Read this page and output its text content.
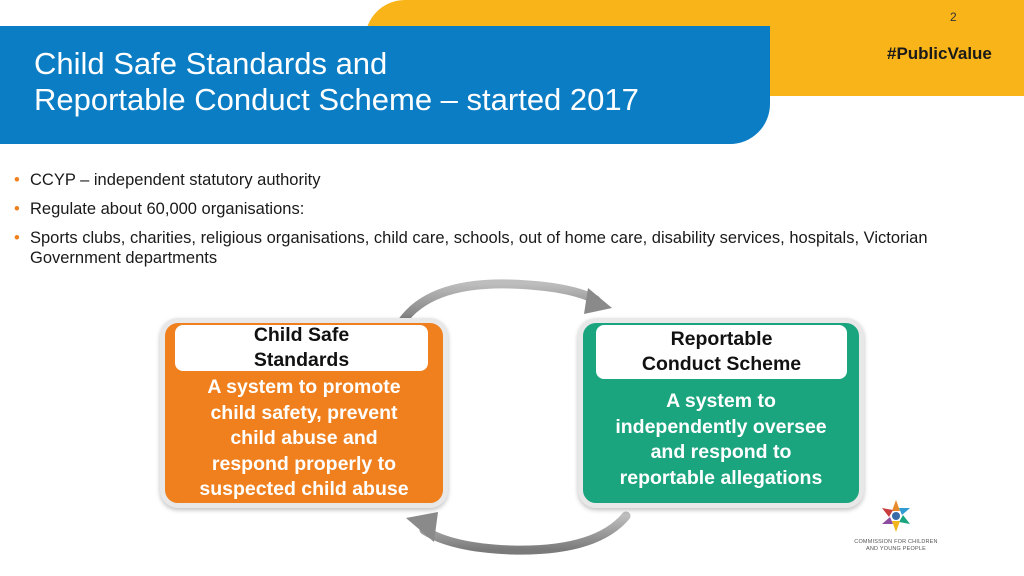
Child Safe Standards and
Reportable Conduct Scheme – started 2017
2
#PublicValue
• CCYP – independent statutory authority
• Regulate about 60,000 organisations:
• Sports clubs, charities, religious organisations, child care, schools, out of home care, disability services, hospitals, Victorian Government departments
Child Safe
Standards
A system to promote
child safety, prevent
child abuse and
respond properly to
suspected child abuse
Reportable
Conduct Scheme
A system to
independently oversee
and respond to
reportable allegations
COMMISSION FOR CHILDREN
AND YOUNG PEOPLE
